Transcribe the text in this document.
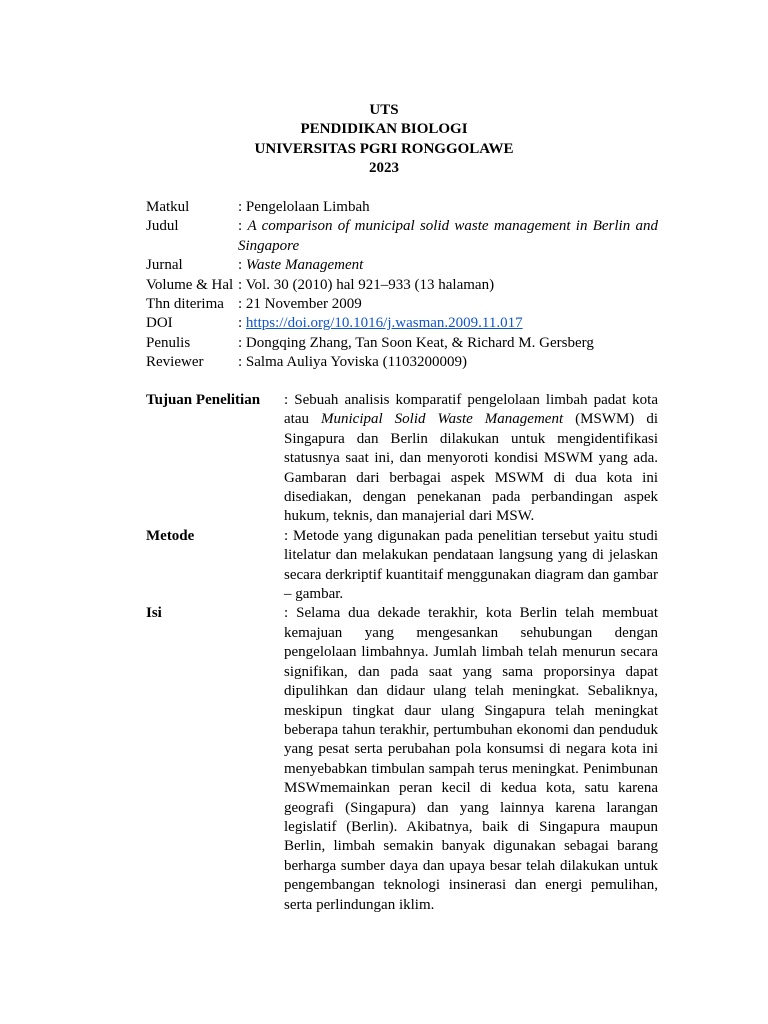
UTS
PENDIDIKAN BIOLOGI
UNIVERSITAS PGRI RONGGOLAWE
2023
Matkul	: Pengelolaan Limbah
Judul	: A comparison of municipal solid waste management in Berlin and Singapore
Jurnal	: Waste Management
Volume & Hal : Vol. 30 (2010) hal 921–933 (13 halaman)
Thn diterima : 21 November 2009
DOI	: https://doi.org/10.1016/j.wasman.2009.11.017
Penulis	: Dongqing Zhang, Tan Soon Keat, & Richard M. Gersberg
Reviewer	: Salma Auliya Yoviska (1103200009)
Tujuan Penelitian	: Sebuah analisis komparatif pengelolaan limbah padat kota atau Municipal Solid Waste Management (MSWM) di Singapura dan Berlin dilakukan untuk mengidentifikasi statusnya saat ini, dan menyoroti kondisi MSWM yang ada. Gambaran dari berbagai aspek MSWM di dua kota ini disediakan, dengan penekanan pada perbandingan aspek hukum, teknis, dan manajerial dari MSW.
Metode	: Metode yang digunakan pada penelitian tersebut yaitu studi litelatur dan melakukan pendataan langsung yang di jelaskan secara derkriptif kuantitaif menggunakan diagram dan gambar – gambar.
Isi	: Selama dua dekade terakhir, kota Berlin telah membuat kemajuan yang mengesankan sehubungan dengan pengelolaan limbahnya. Jumlah limbah telah menurun secara signifikan, dan pada saat yang sama proporsinya dapat dipulihkan dan didaur ulang telah meningkat. Sebaliknya, meskipun tingkat daur ulang Singapura telah meningkat beberapa tahun terakhir, pertumbuhan ekonomi dan penduduk yang pesat serta perubahan pola konsumsi di negara kota ini menyebabkan timbulan sampah terus meningkat. Penimbunan MSWmemainkan peran kecil di kedua kota, satu karena geografi (Singapura) dan yang lainnya karena larangan legislatif (Berlin). Akibatnya, baik di Singapura maupun Berlin, limbah semakin banyak digunakan sebagai barang berharga sumber daya dan upaya besar telah dilakukan untuk pengembangan teknologi insinerasi dan energi pemulihan, serta perlindungan iklim.
